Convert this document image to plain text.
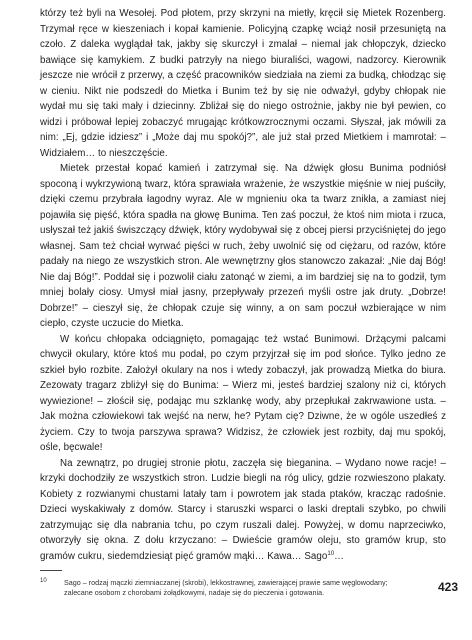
którzy też byli na Wesołej. Pod płotem, przy skrzyni na mietły, kręcił się Mietek Rozenberg. Trzymał ręce w kieszeniach i kopał kamienie. Policyjną czapkę wciąż nosił przesuniętą na czoło. Z daleka wyglądał tak, jakby się skurczył i zmalał – niemal jak chłopczyk, dziecko bawiące się kamykiem. Z budki patrzyły na niego biuraliści, wagowi, nadzorcy. Kierownik jeszcze nie wrócił z przerwy, a część pracowników siedziała na ziemi za budką, chłodząc się w cieniu. Nikt nie podszedł do Mietka i Bunim też by się nie odważył, gdyby chłopak nie wydał mu się taki mały i dziecinny. Zbliżał się do niego ostrożnie, jakby nie był pewien, co widzi i próbował lepiej zobaczyć mrugając krótkowzrocznymi oczami. Słyszał, jak mówili za nim: „Ej, gdzie idziesz” i „Może daj mu spokój?”, ale już stał przed Mietkiem i mamrotał: – Widziałem… to nieszczęście.

Mietek przestał kopać kamień i zatrzymał się. Na dźwięk głosu Bunima podniósł spoconą i wykrzywioną twarz, która sprawiała wrażenie, że wszystkie mięśnie w niej puściły, dzięki czemu przybrała łagodny wyraz. Ale w mgnieniu oka ta twarz znikła, a zamiast niej pojawiła się pięść, która spadła na głowę Bunima. Ten zaś poczuł, że ktoś nim miota i rzuca, usłyszał też jakiś świszczący dźwięk, który wydobywał się z obcej piersi przyciśniętej do jego własnej. Sam też chciał wyrwać pięści w ruch, żeby uwolnić się od ciężaru, od razów, które padały na niego ze wszystkich stron. Ale wewnętrzny głos stanowczo zakazał: „Nie daj Bóg! Nie daj Bóg!”. Poddał się i pozwolił ciału zatonąć w ziemi, a im bardziej się na to godził, tym mniej bolały ciosy. Umysł miał jasny, przepływały przezeń myśli ostre jak druty. „Dobrze! Dobrze!” – cieszył się, że chłopak czuje się winny, a on sam poczuł wzbierające w nim ciepło, czyste uczucie do Mietka.

W końcu chłopaka odciągnięto, pomagając też wstać Bunimowi. Drżącymi palcami chwycił okulary, które ktoś mu podał, po czym przyjrzał się im pod słońce. Tylko jedno ze szkieł było rozbite. Założył okulary na nos i wtedy zobaczył, jak prowadzą Mietka do biura. Zezowaty tragarz zbliżył się do Bunima: – Wierz mi, jesteś bardziej szalony niż ci, których wywiezione! – złościł się, podając mu szklankę wody, aby przepłukał zakrwawione usta. – Jak można człowiekowi tak wejść na nerw, he? Pytam cię? Dziwne, że w ogóle uszedłeś z życiem. Czy to twoja parszywa sprawa? Widzisz, że człowiek jest rozbity, daj mu spokój, ośle, bęcwale!

Na zewnątrz, po drugiej stronie płotu, zaczęła się bieganina. – Wydano nowe racje! – krzyki dochodziły ze wszystkich stron. Ludzie biegli na róg ulicy, gdzie rozwieszono plakaty. Kobiety z rozwianymi chustami latały tam i powrotem jak stada ptaków, kracząc radośnie. Dzieci wyskakiwały z domów. Starcy i staruszki wsparci o laski dreptali szybko, po chwili zatrzymując się dla nabrania tchu, po czym ruszali dalej. Powyżej, w domu naprzeciwko, otworzyły się okna. Z dołu krzyczano: – Dwieście gramów oleju, sto gramów krup, sto gramów cukru, siedemdziesiąt pięć gramów mąki… Kawa… Sago$^{10}$…

10 Sago – rodzaj mączki ziemniaczanej (skrobi), lekkostrawnej, zawierającej prawie same węglowodany; zalecane osobom z chorobami żołądkowymi, nadaje się do pieczenia i gotowania.	423
